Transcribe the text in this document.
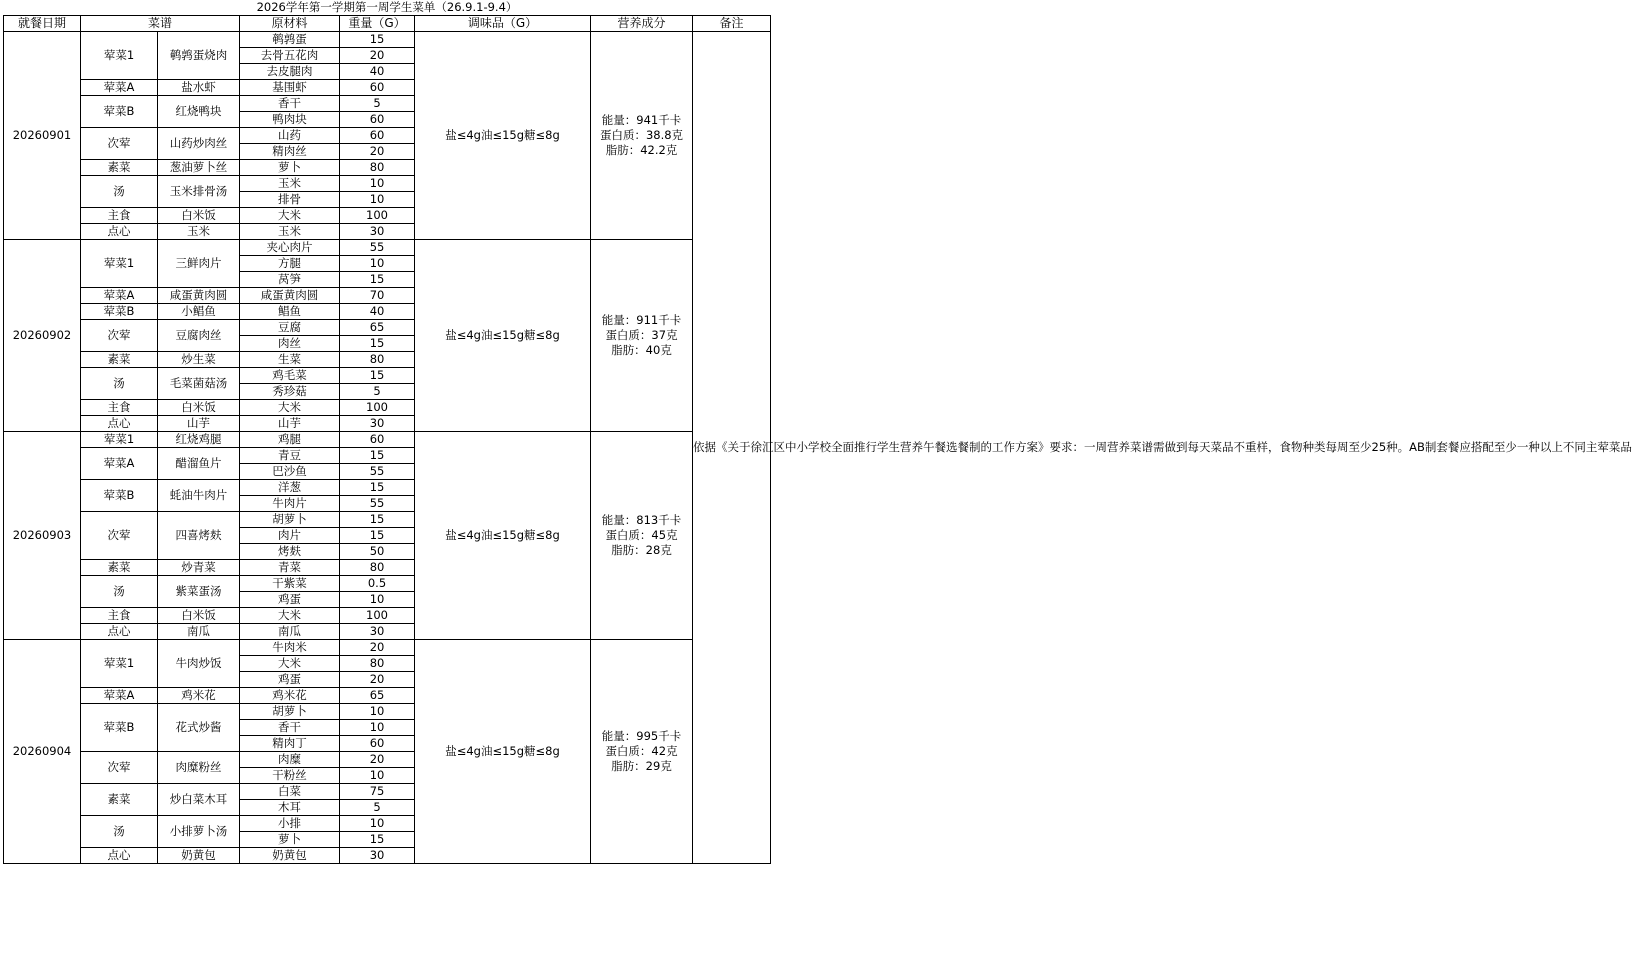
2026学年第一学期第一周学生菜单（26.9.1-9.4）
就餐日期	菜谱		原材料	重量（G）	调味品（G）	营养成分	备注
20260901	荤菜1	鹌鹑蛋烧肉	鹌鹑蛋	15	盐≤4g油≤15g糖≤8g	能量：941千卡
蛋白质：38.8克
脂肪：42.2克	依据《关于徐汇区中小学校全面推行学生营养午餐选餐制的工作方案》要求：一周营养菜谱需做到每天菜品不重样，食物种类每周至少25种。AB制套餐应搭配至少一种以上不同主荤菜品
			去骨五花肉	20			
			去皮腿肉	40			
	荤菜A	盐水虾	基围虾	60			
	荤菜B	红烧鸭块	香干	5			
			鸭肉块	60			
	次荤	山药炒肉丝	山药	60			
			精肉丝	20			
	素菜	葱油萝卜丝	萝卜	80			
	汤	玉米排骨汤	玉米	10			
			排骨	10			
	主食	白米饭	大米	100			
	点心	玉米	玉米	30			
20260902	荤菜1	三鲜肉片	夹心肉片	55	盐≤4g油≤15g糖≤8g	能量：911千卡
蛋白质：37克
脂肪：40克	

			方腿	10			
			莴笋	15			
	荤菜A	咸蛋黄肉圆	咸蛋黄肉圆	70			
	荤菜B	小鲳鱼	鲳鱼	40			
	次荤	豆腐肉丝	豆腐	65			
			肉丝	15			
	素菜	炒生菜	生菜	80			
	汤	毛菜菌菇汤	鸡毛菜	15			
			秀珍菇	5			
	主食	白米饭	大米	100			
	点心	山芋	山芋	30			
20260903	荤菜1	红烧鸡腿	鸡腿	60	盐≤4g油≤15g糖≤8g	能量：813千卡
蛋白质：45克
脂肪：28克	

	荤菜A	醋溜鱼片	青豆	15			
			巴沙鱼	55			
	荤菜B	蚝油牛肉片	洋葱	15			
			牛肉片	55			
	次荤	四喜烤麸	胡萝卜	15			
			肉片	15			
			烤麸	50			
	素菜	炒青菜	青菜	80			
	汤	紫菜蛋汤	干紫菜	0.5			
			鸡蛋	10			
	主食	白米饭	大米	100			
	点心	南瓜	南瓜	30			
20260904	荤菜1	牛肉炒饭	牛肉米	20	盐≤4g油≤15g糖≤8g	能量：995千卡
蛋白质：42克
脂肪：29克	

			大米	80			
			鸡蛋	20			
	荤菜A	鸡米花	鸡米花	65			
	荤菜B	花式炒酱	胡萝卜	10			
			香干	10			
			精肉丁	60			
	次荤	肉糜粉丝	肉糜	20			
			干粉丝	10			
	素菜	炒白菜木耳	白菜	75			
			木耳	5			
	汤	小排萝卜汤	小排	10			
			萝卜	15			
	点心	奶黄包	奶黄包	30			
